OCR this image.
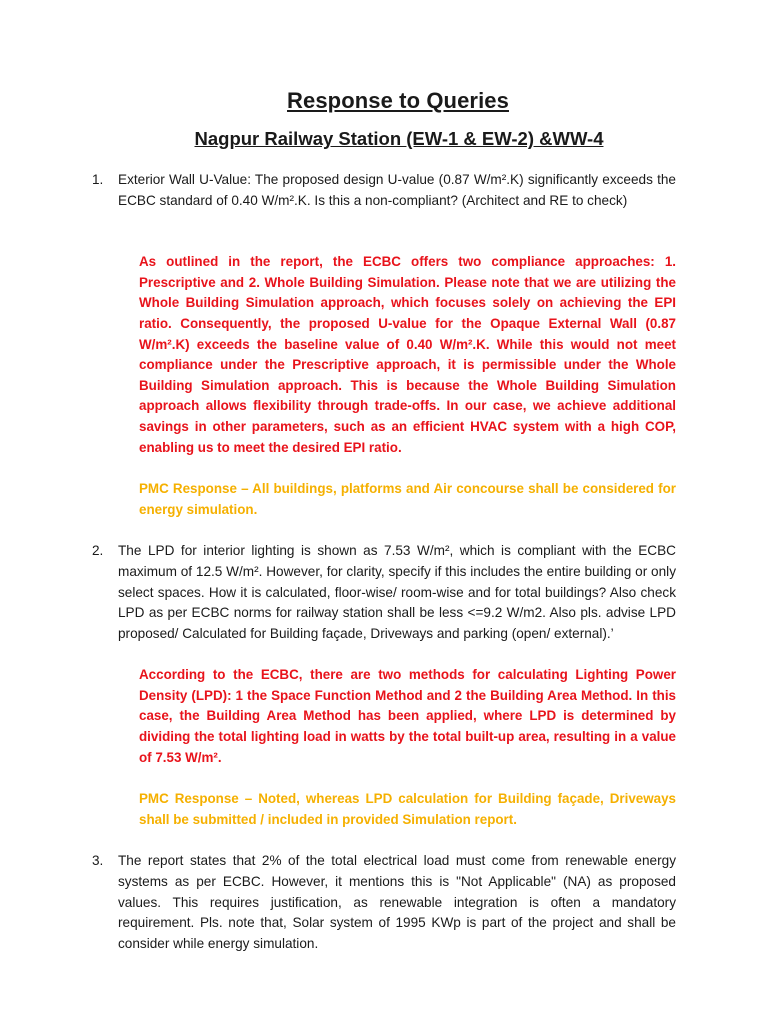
Response to Queries
Nagpur Railway Station (EW-1 & EW-2) &WW-4
1.	Exterior Wall U-Value: The proposed design U-value (0.87 W/m².K) significantly exceeds the ECBC standard of 0.40 W/m².K. Is this a non-compliant? (Architect and RE to check)
As outlined in the report, the ECBC offers two compliance approaches: 1. Prescriptive and 2. Whole Building Simulation. Please note that we are utilizing the Whole Building Simulation approach, which focuses solely on achieving the EPI ratio. Consequently, the proposed U-value for the Opaque External Wall (0.87 W/m².K) exceeds the baseline value of 0.40 W/m².K. While this would not meet compliance under the Prescriptive approach, it is permissible under the Whole Building Simulation approach. This is because the Whole Building Simulation approach allows flexibility through trade-offs. In our case, we achieve additional savings in other parameters, such as an efficient HVAC system with a high COP, enabling us to meet the desired EPI ratio.
PMC Response – All buildings, platforms and Air concourse shall be considered for energy simulation.
2.	The LPD for interior lighting is shown as 7.53 W/m², which is compliant with the ECBC maximum of 12.5 W/m². However, for clarity, specify if this includes the entire building or only select spaces. How it is calculated, floor-wise/ room-wise and for total buildings? Also check LPD as per ECBC norms for railway station shall be less <=9.2 W/m2. Also pls. advise LPD proposed/ Calculated for Building façade, Driveways and parking (open/ external).’
According to the ECBC, there are two methods for calculating Lighting Power Density (LPD): 1 the Space Function Method and 2 the Building Area Method. In this case, the Building Area Method has been applied, where LPD is determined by dividing the total lighting load in watts by the total built-up area, resulting in a value of 7.53 W/m².
PMC Response – Noted, whereas LPD calculation for Building façade, Driveways shall be submitted / included in provided Simulation report.
3.	The report states that 2% of the total electrical load must come from renewable energy systems as per ECBC. However, it mentions this is "Not Applicable" (NA) as proposed values. This requires justification, as renewable integration is often a mandatory requirement. Pls. note that, Solar system of 1995 KWp is part of the project and shall be consider while energy simulation.
